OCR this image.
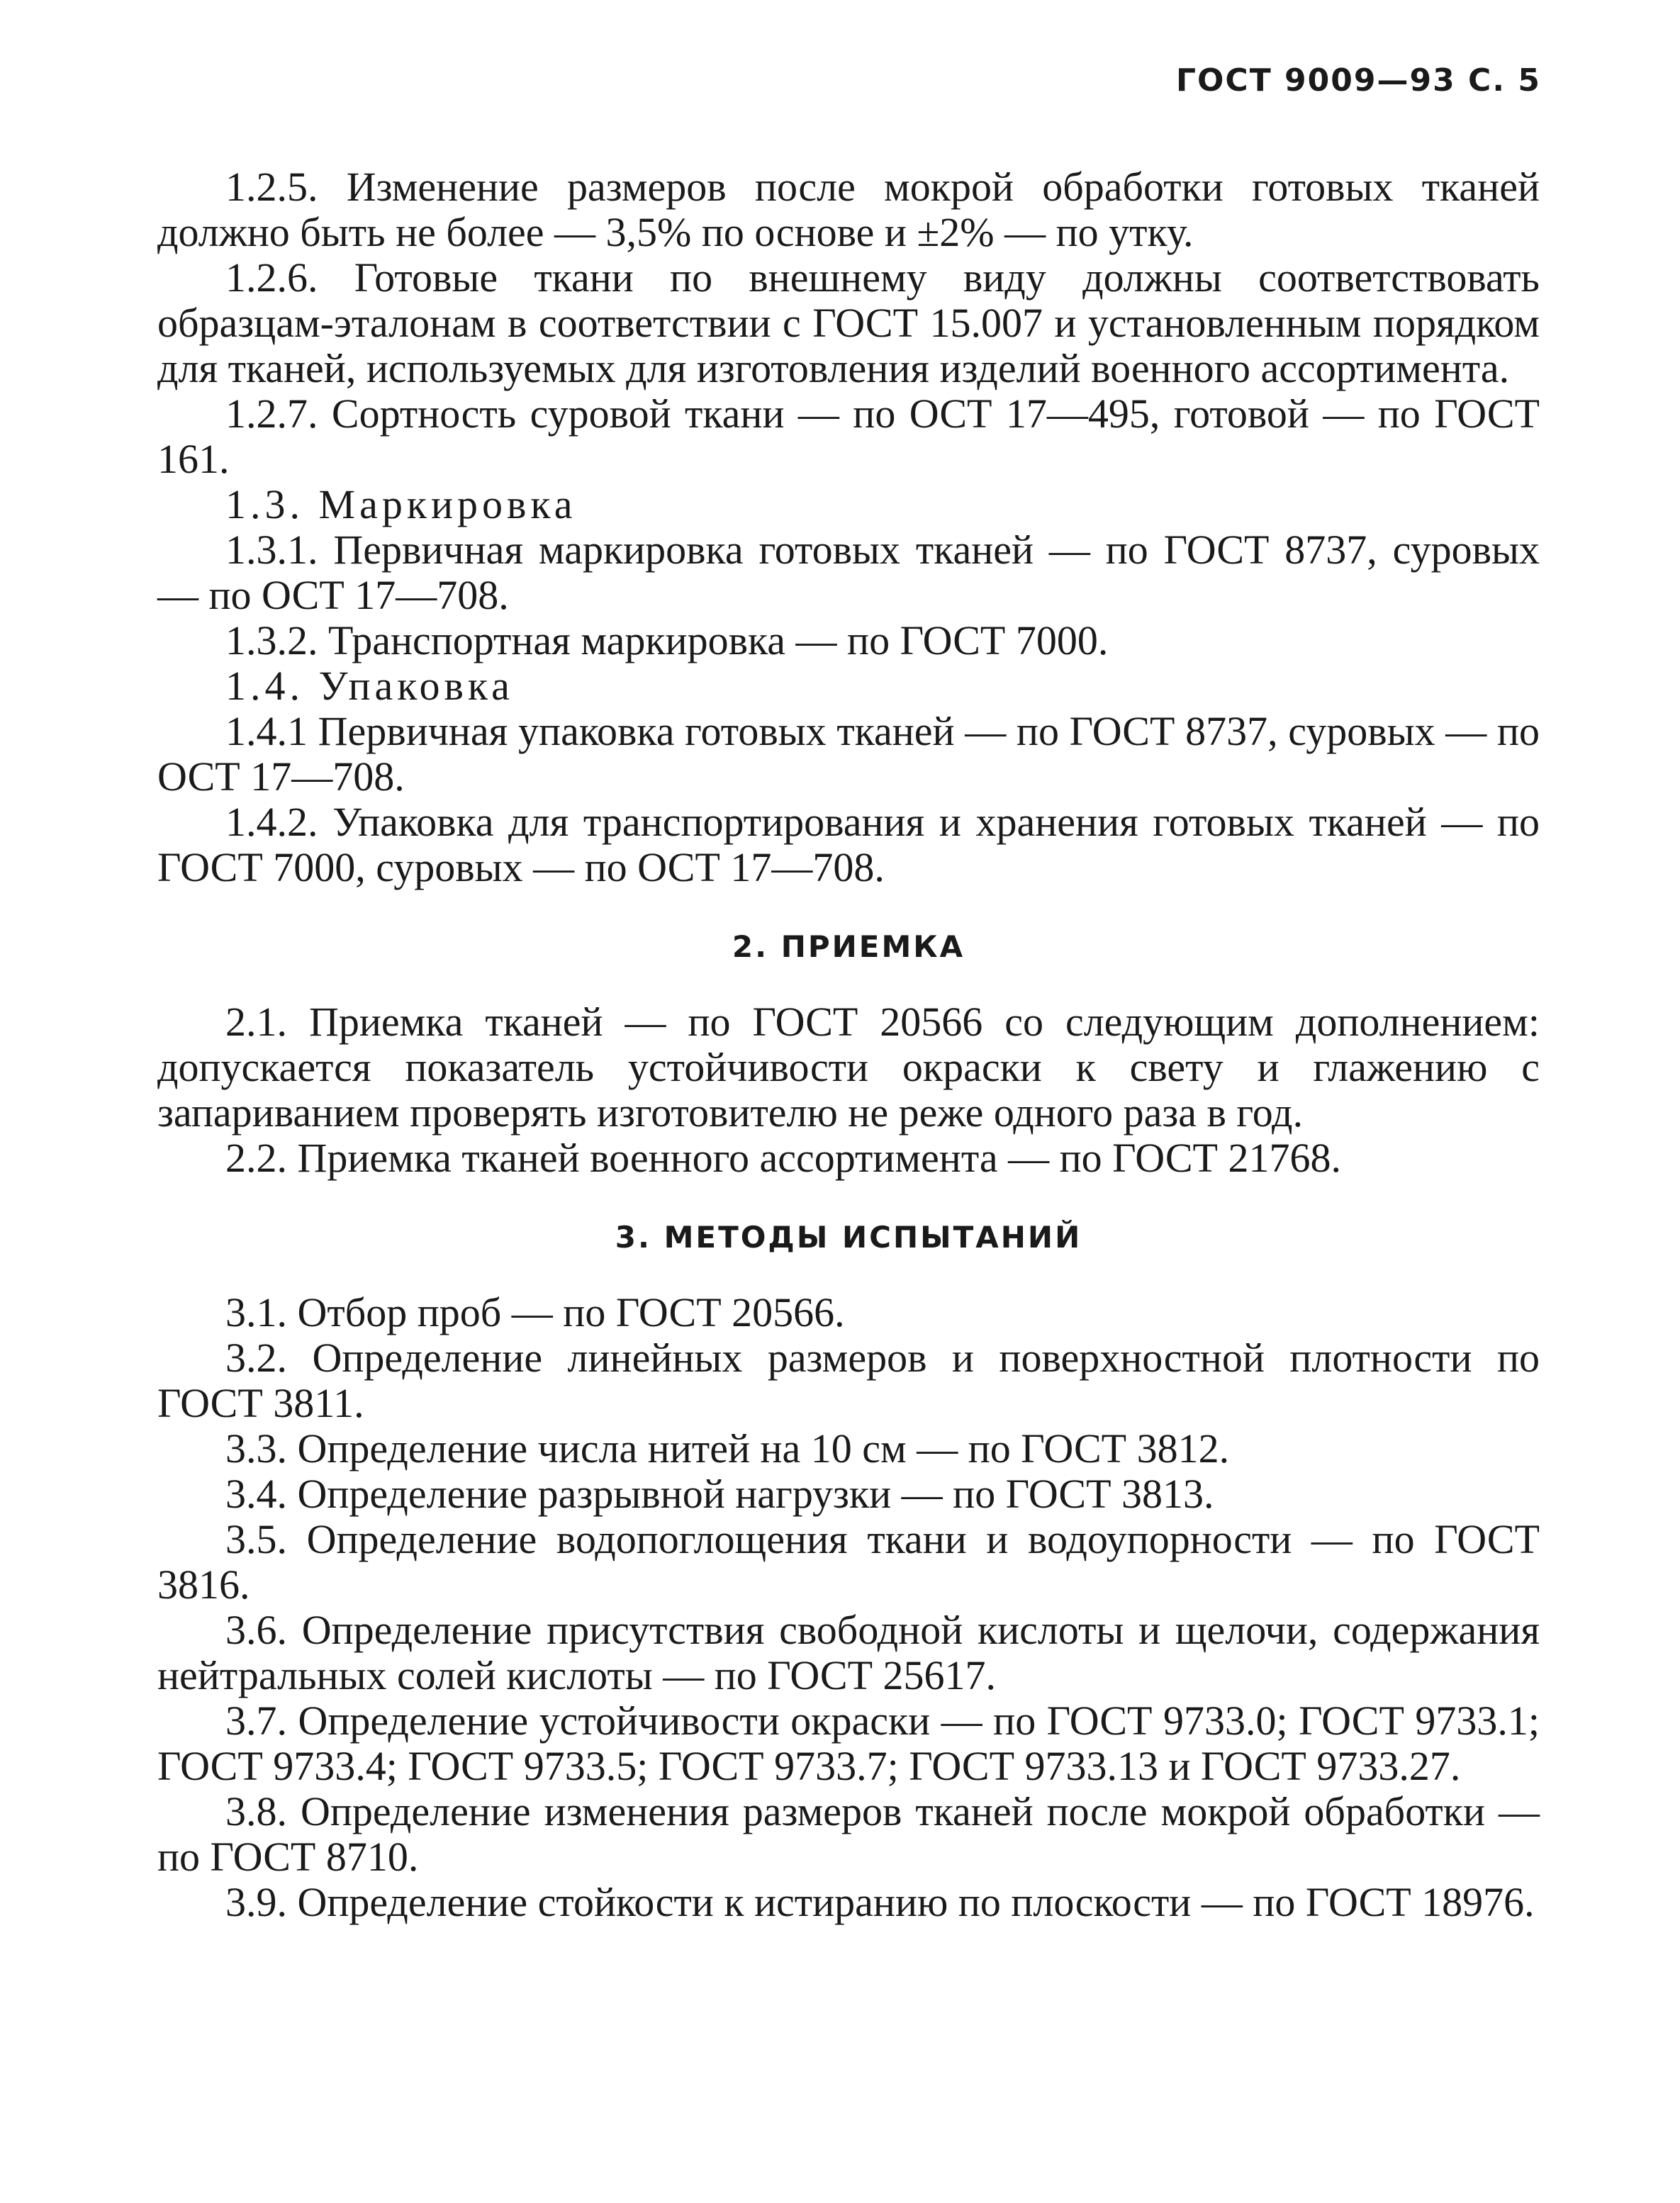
ГОСТ 9009—93 С. 5

1.2.5. Изменение размеров после мокрой обработки готовых тканей должно быть не более — 3,5% по основе и ±2% — по утку.

1.2.6. Готовые ткани по внешнему виду должны соответствовать образцам-эталонам в соответствии с ГОСТ 15.007 и установленным порядком для тканей, используемых для изготовления изделий военного ассортимента.

1.2.7. Сортность суровой ткани — по ОСТ 17—495, готовой — по ГОСТ 161.

1.3. Маркировка

1.3.1. Первичная маркировка готовых тканей — по ГОСТ 8737, суровых — по ОСТ 17—708.

1.3.2. Транспортная маркировка — по ГОСТ 7000.

1.4. Упаковка

1.4.1 Первичная упаковка готовых тканей — по ГОСТ 8737, суровых — по ОСТ 17—708.

1.4.2. Упаковка для транспортирования и хранения готовых тканей — по ГОСТ 7000, суровых — по ОСТ 17—708.

2. ПРИЕМКА

2.1. Приемка тканей — по ГОСТ 20566 со следующим дополнением: допускается показатель устойчивости окраски к свету и глажению с запариванием проверять изготовителю не реже одного раза в год.

2.2. Приемка тканей военного ассортимента — по ГОСТ 21768.

3. МЕТОДЫ ИСПЫТАНИЙ

3.1. Отбор проб — по ГОСТ 20566.

3.2. Определение линейных размеров и поверхностной плотности по ГОСТ 3811.

3.3. Определение числа нитей на 10 см — по ГОСТ 3812.

3.4. Определение разрывной нагрузки — по ГОСТ 3813.

3.5. Определение водопоглощения ткани и водоупорности — по ГОСТ 3816.

3.6. Определение присутствия свободной кислоты и щелочи, содержания нейтральных солей кислоты — по ГОСТ 25617.

3.7. Определение устойчивости окраски — по ГОСТ 9733.0; ГОСТ 9733.1; ГОСТ 9733.4; ГОСТ 9733.5; ГОСТ 9733.7; ГОСТ 9733.13 и ГОСТ 9733.27.

3.8. Определение изменения размеров тканей после мокрой обработки — по ГОСТ 8710.

3.9. Определение стойкости к истиранию по плоскости — по ГОСТ 18976.
